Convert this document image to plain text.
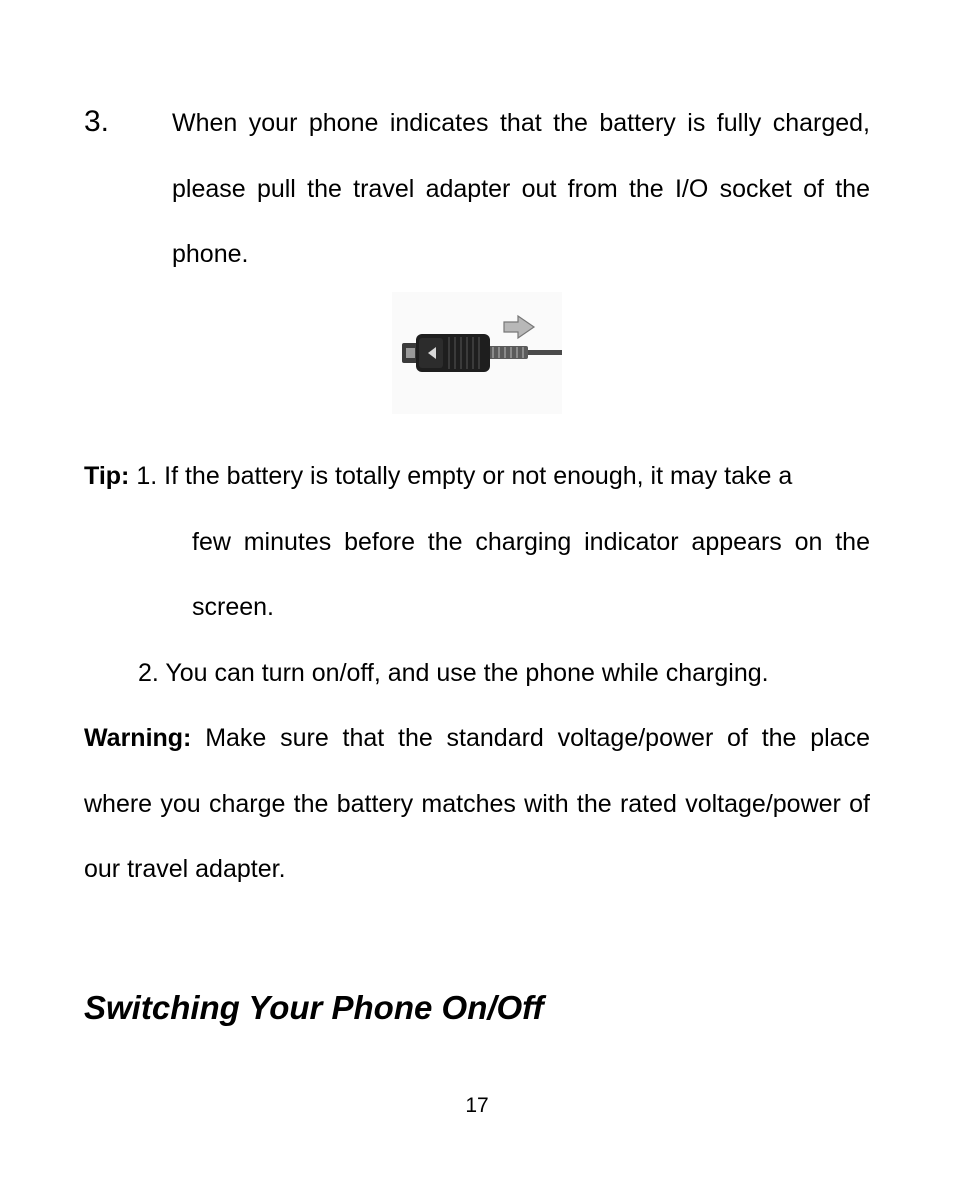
3.	When your phone indicates that the battery is fully charged, please pull the travel adapter out from the I/O socket of the phone.
Tip: 1. If the battery is totally empty or not enough, it may take a
few minutes before the charging indicator appears on the screen.
2. You can turn on/off, and use the phone while charging.
Warning: Make sure that the standard voltage/power of the place where you charge the battery matches with the rated voltage/power of our travel adapter.
Switching Your Phone On/Off
17
